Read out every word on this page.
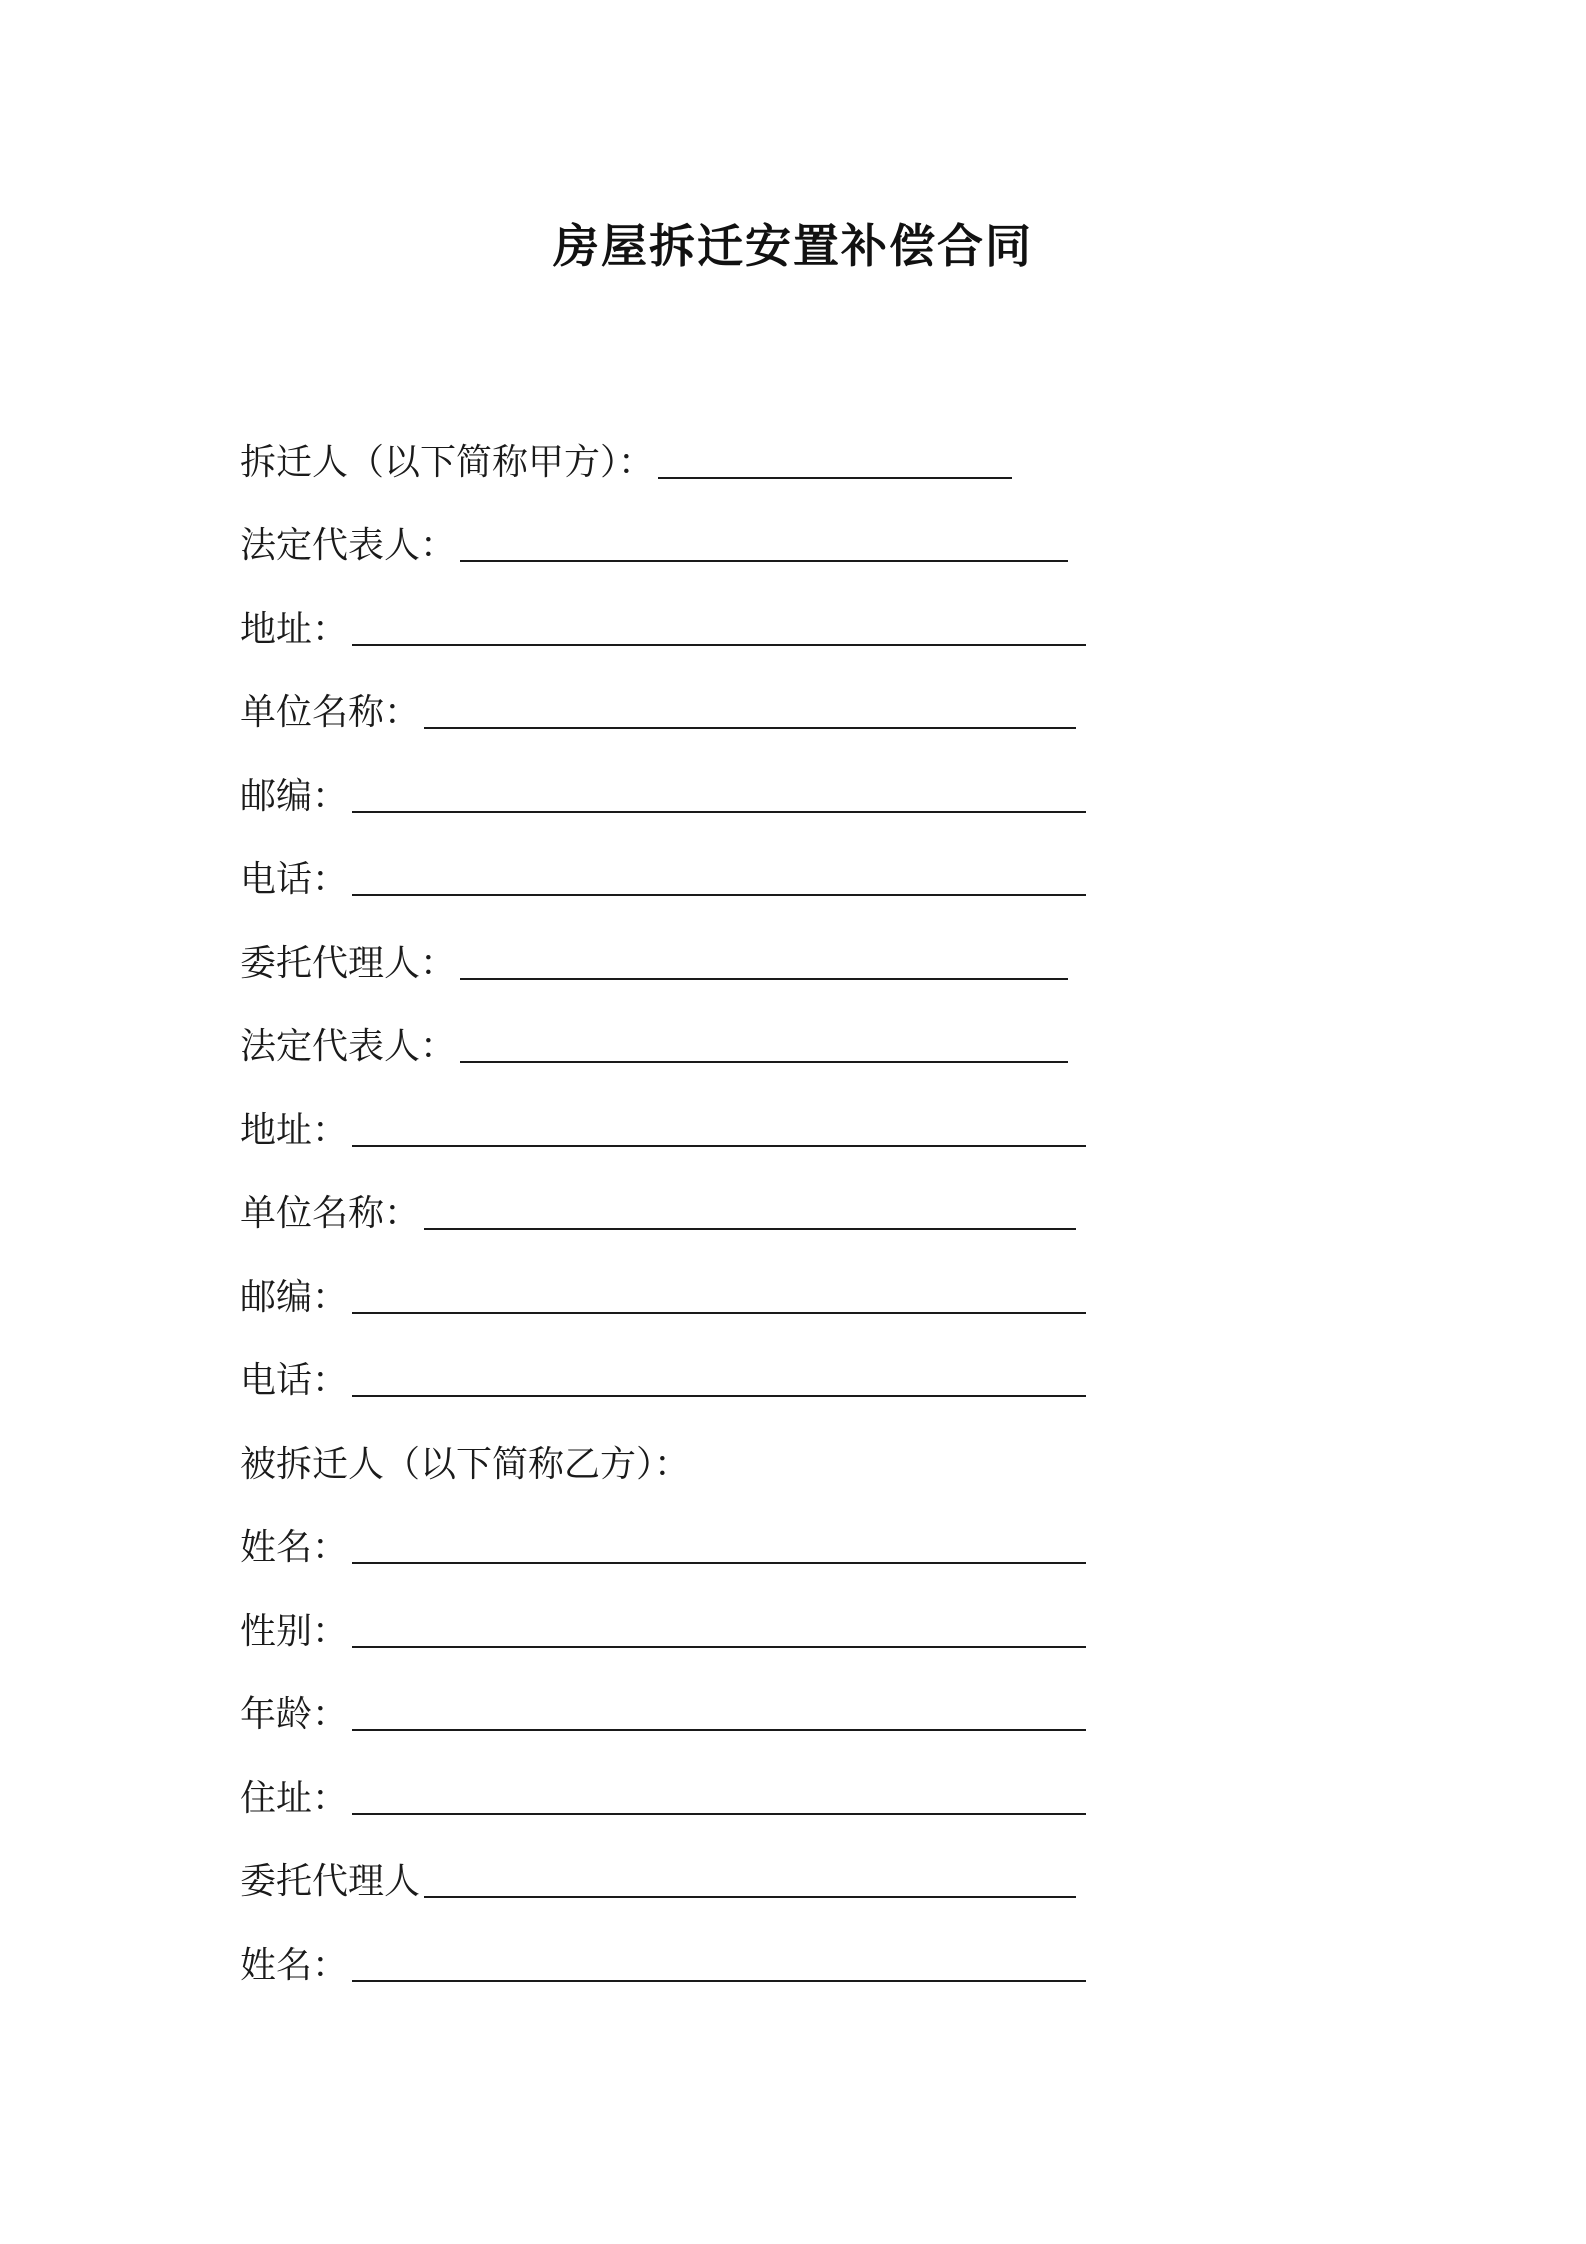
房屋拆迁安置补偿合同
拆迁人（以下简称甲方）：
法定代表人：
地址：
单位名称：
邮编：
电话：
委托代理人：
法定代表人：
地址：
单位名称：
邮编：
电话：
被拆迁人（以下简称乙方）：
姓名：
性别：
年龄：
住址：
委托代理人
姓名：
